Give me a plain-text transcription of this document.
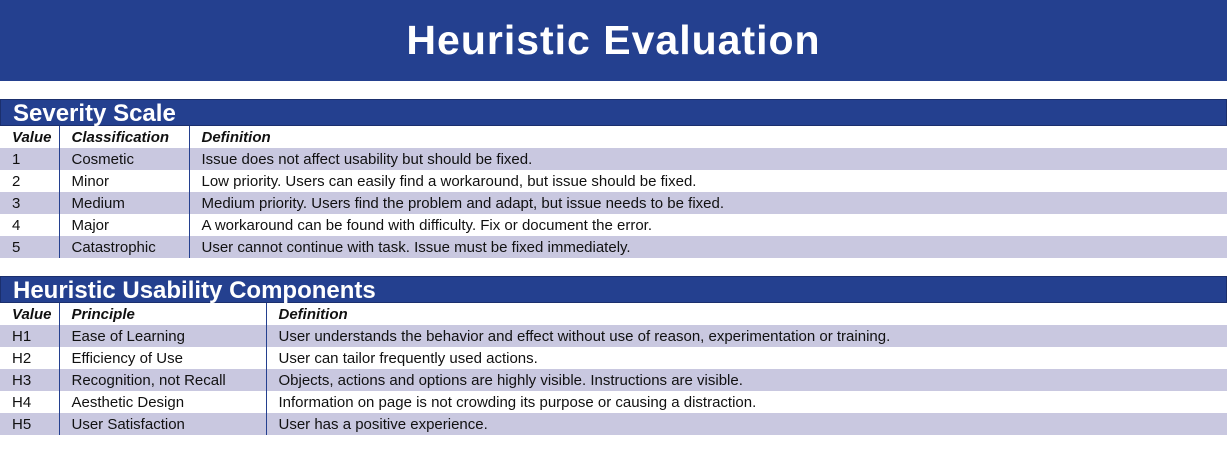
Heuristic Evaluation
Severity Scale
Value	Classification	Definition
1	Cosmetic	Issue does not affect usability but should be fixed.
2	Minor	Low priority. Users can easily find a workaround, but issue should be fixed.
3	Medium	Medium priority. Users find the problem and adapt, but issue needs to be fixed.
4	Major	A workaround can be found with difficulty. Fix or document the error.
5	Catastrophic	User cannot continue with task. Issue must be fixed immediately.
Heuristic Usability Components
Value	Principle	Definition
H1	Ease of Learning	User understands the behavior and effect without use of reason, experimentation or training.
H2	Efficiency of Use	User can tailor frequently used actions.
H3	Recognition, not Recall	Objects, actions and options are highly visible. Instructions are visible.
H4	Aesthetic Design	Information on page is not crowding its purpose or causing a distraction.
H5	User Satisfaction	User has a positive experience.
